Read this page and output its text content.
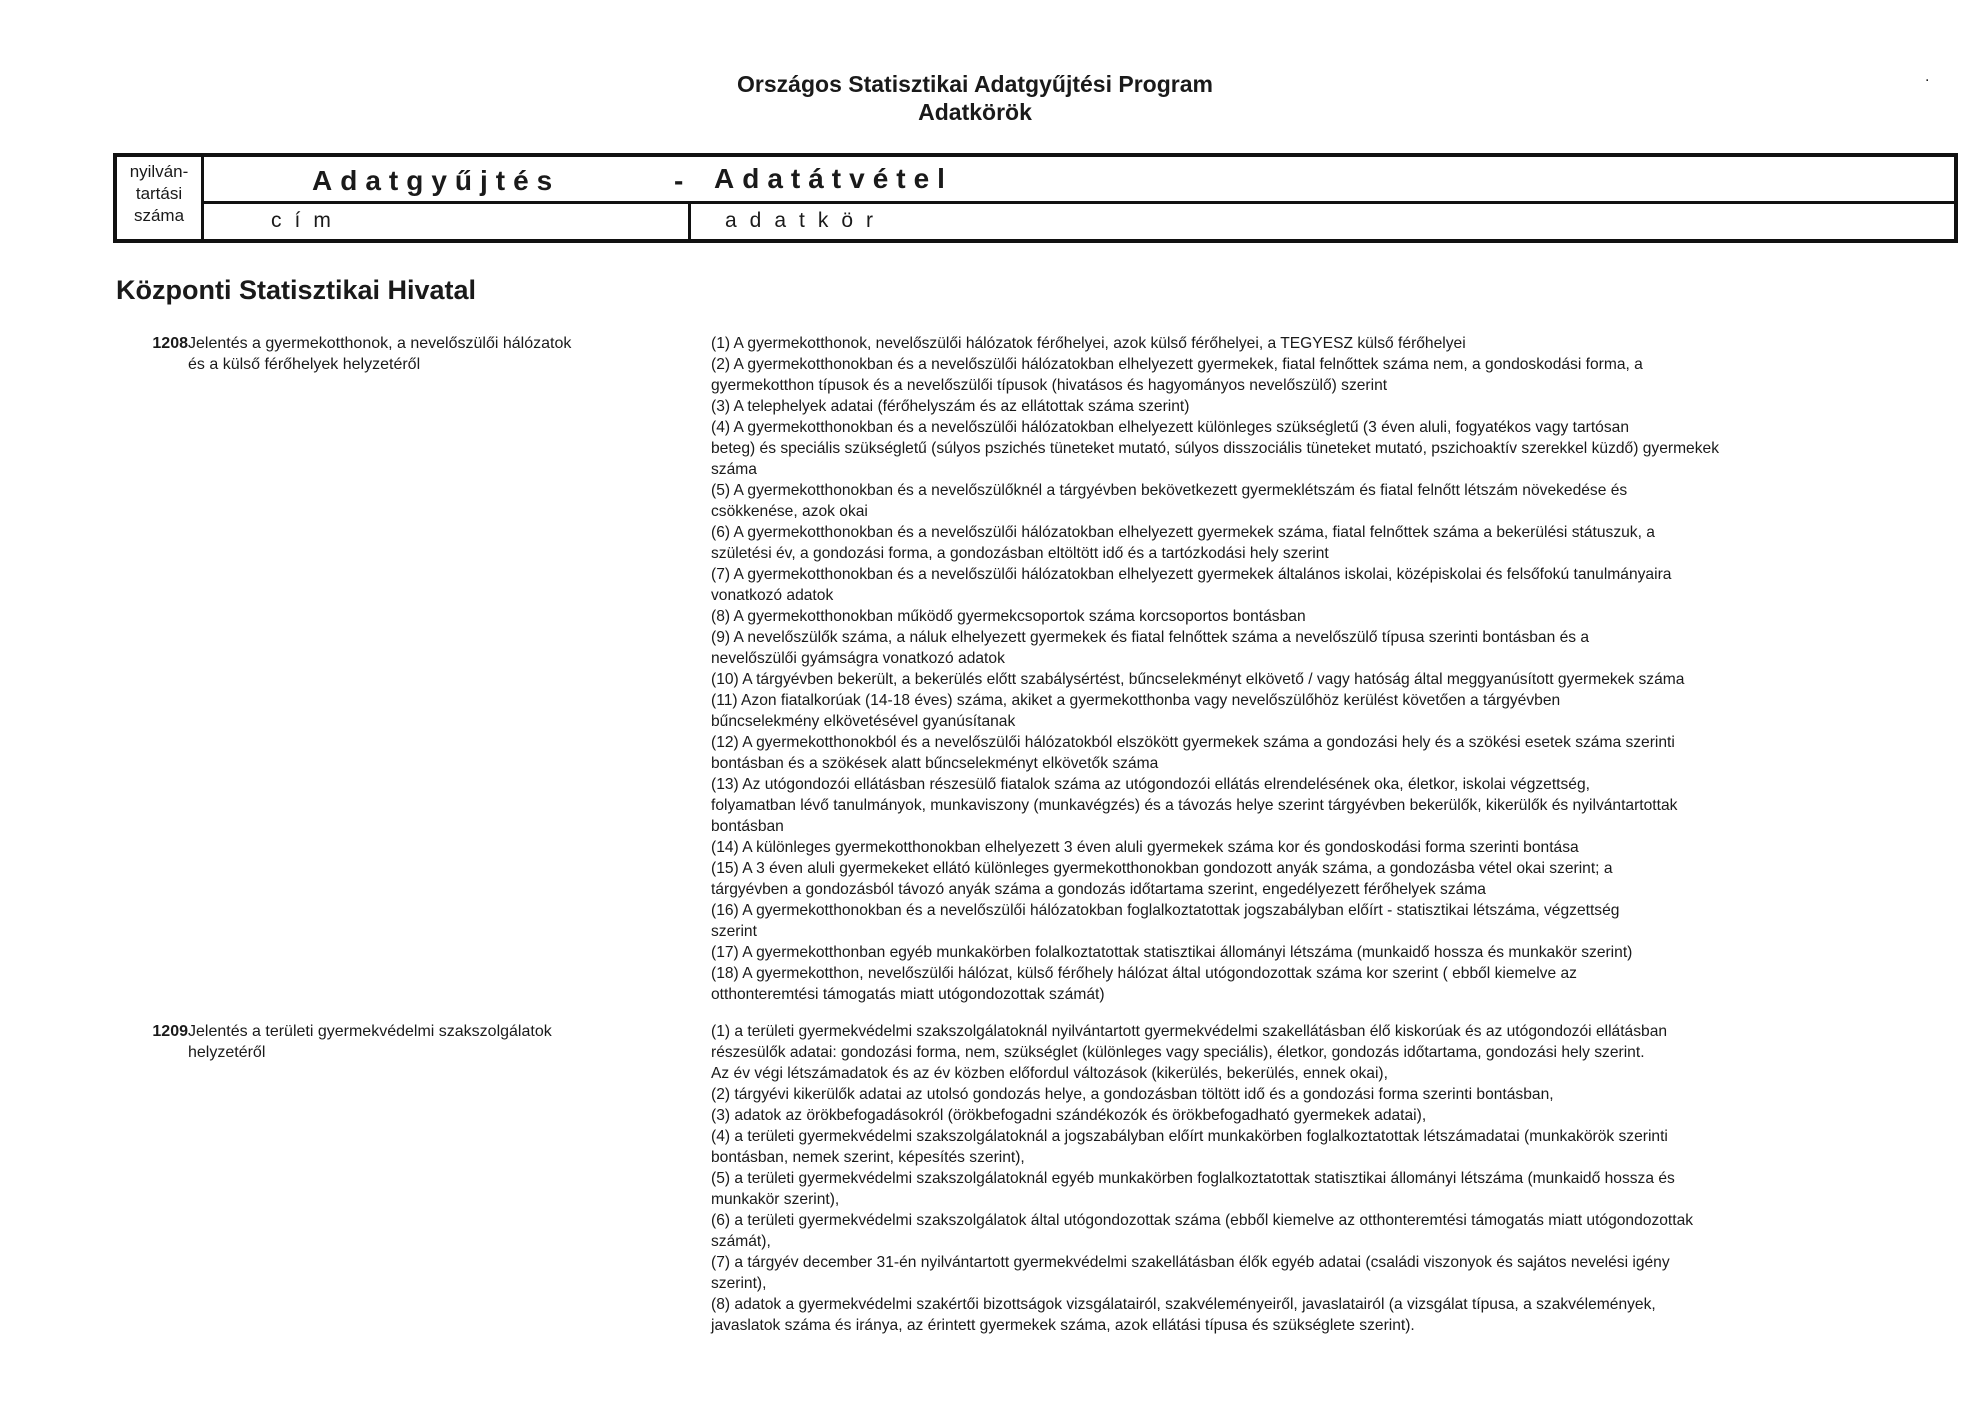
Országos Statisztikai Adatgyűjtési Program
Adatkörök
.
nyilván-
tartási
száma
Adatgyűjtés	- Adatátvétel
cím	adatkör
Központi Statisztikai Hivatal
1208 Jelentés a gyermekotthonok, a nevelőszülői hálózatok
és a külső férőhelyek helyzetéről
(1) A gyermekotthonok, nevelőszülői hálózatok férőhelyei, azok külső férőhelyei, a TEGYESZ külső férőhelyei
(2) A gyermekotthonokban és a nevelőszülői hálózatokban elhelyezett gyermekek, fiatal felnőttek száma nem, a gondoskodási forma, a
gyermekotthon típusok és a nevelőszülői típusok (hivatásos és hagyományos nevelőszülő) szerint
(3) A telephelyek adatai (férőhelyszám és az ellátottak száma szerint)
(4) A gyermekotthonokban és a nevelőszülői hálózatokban elhelyezett különleges szükségletű (3 éven aluli, fogyatékos vagy tartósan
beteg) és speciális szükségletű (súlyos pszichés tüneteket mutató, súlyos disszociális tüneteket mutató, pszichoaktív szerekkel küzdő) gyermekek
száma
(5) A gyermekotthonokban és a nevelőszülőknél a tárgyévben bekövetkezett gyermeklétszám és fiatal felnőtt létszám növekedése és
csökkenése, azok okai
(6) A gyermekotthonokban és a nevelőszülői hálózatokban elhelyezett gyermekek száma, fiatal felnőttek száma a bekerülési státuszuk, a
születési év, a gondozási forma, a gondozásban eltöltött idő és a tartózkodási hely szerint
(7) A gyermekotthonokban és a nevelőszülői hálózatokban elhelyezett gyermekek általános iskolai, középiskolai és felsőfokú tanulmányaira
vonatkozó adatok
(8) A gyermekotthonokban működő gyermekcsoportok száma korcsoportos bontásban
(9) A nevelőszülők száma, a náluk elhelyezett gyermekek és fiatal felnőttek száma a nevelőszülő típusa szerinti bontásban és a
nevelőszülői gyámságra vonatkozó adatok
(10) A tárgyévben bekerült, a bekerülés előtt szabálysértést, bűncselekményt elkövető / vagy hatóság által meggyanúsított gyermekek száma
(11) Azon fiatalkorúak (14-18 éves) száma, akiket a gyermekotthonba vagy nevelőszülőhöz kerülést követően a tárgyévben
bűncselekmény elkövetésével gyanúsítanak
(12) A gyermekotthonokból és a nevelőszülői hálózatokból elszökött gyermekek száma a gondozási hely és a szökési esetek száma szerinti
bontásban és a szökések alatt bűncselekményt elkövetők száma
(13) Az utógondozói ellátásban részesülő fiatalok száma az utógondozói ellátás elrendelésének oka, életkor, iskolai végzettség,
folyamatban lévő tanulmányok, munkaviszony (munkavégzés) és a távozás helye szerint tárgyévben bekerülők, kikerülők és nyilvántartottak
bontásban
(14) A különleges gyermekotthonokban elhelyezett 3 éven aluli gyermekek száma kor és gondoskodási forma szerinti bontása
(15) A 3 éven aluli gyermekeket ellátó különleges gyermekotthonokban gondozott anyák száma, a gondozásba vétel okai szerint; a
tárgyévben a gondozásból távozó anyák száma a gondozás időtartama szerint, engedélyezett férőhelyek száma
(16) A gyermekotthonokban és a nevelőszülői hálózatokban foglalkoztatottak jogszabályban előírt - statisztikai létszáma, végzettség
szerint
(17) A gyermekotthonban egyéb munkakörben folalkoztatottak statisztikai állományi létszáma (munkaidő hossza és munkakör szerint)
(18) A gyermekotthon, nevelőszülői hálózat, külső férőhely hálózat által utógondozottak száma kor szerint ( ebből kiemelve az
otthonteremtési támogatás miatt utógondozottak számát)
1209 Jelentés a területi gyermekvédelmi szakszolgálatok
helyzetéről
(1) a területi gyermekvédelmi szakszolgálatoknál nyilvántartott gyermekvédelmi szakellátásban élő kiskorúak és az utógondozói ellátásban
részesülők adatai: gondozási forma, nem, szükséglet (különleges vagy speciális), életkor, gondozás időtartama, gondozási hely szerint.
Az év végi létszámadatok és az év közben előfordul változások (kikerülés, bekerülés, ennek okai),
(2) tárgyévi kikerülők adatai az utolsó gondozás helye, a gondozásban töltött idő és a gondozási forma szerinti bontásban,
(3) adatok az örökbefogadásokról (örökbefogadni szándékozók és örökbefogadható gyermekek adatai),
(4) a területi gyermekvédelmi szakszolgálatoknál a jogszabályban előírt munkakörben foglalkoztatottak létszámadatai (munkakörök szerinti
bontásban, nemek szerint, képesítés szerint),
(5) a területi gyermekvédelmi szakszolgálatoknál egyéb munkakörben foglalkoztatottak statisztikai állományi létszáma (munkaidő hossza és
munkakör szerint),
(6) a területi gyermekvédelmi szakszolgálatok által utógondozottak száma (ebből kiemelve az otthonteremtési támogatás miatt utógondozottak
számát),
(7) a tárgyév december 31-én nyilvántartott gyermekvédelmi szakellátásban élők egyéb adatai (családi viszonyok és sajátos nevelési igény
szerint),
(8) adatok a gyermekvédelmi szakértői bizottságok vizsgálatairól, szakvéleményeiről, javaslatairól (a vizsgálat típusa, a szakvélemények,
javaslatok száma és iránya, az érintett gyermekek száma, azok ellátási típusa és szükséglete szerint).
